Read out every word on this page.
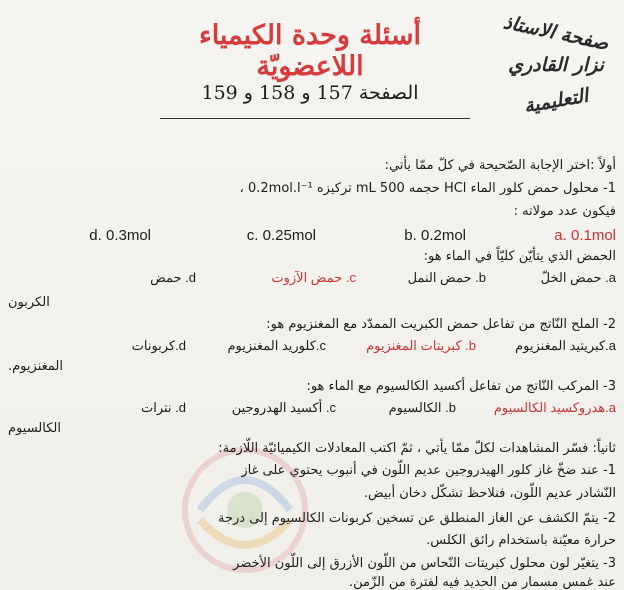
صفحة الاستاذ
نزار القادري
التعليمية
أسئلة وحدة الكيمياء اللاعضويّة
الصفحة 157 و 158 و 159
أولاً :اختر الإجابة الصّحيحة في كلّ ممّا يأتي:
1- محلول حمض كلور الماء HCl حجمه 500 mL تركيزه 0.2mol.l⁻¹ ،
فيكون عدد مولاته :
a. 0.1mol
b. 0.2mol
c. 0.25mol
d. 0.3mol
الحمض الذي يتأيّن كليّاً في الماء هو:
a. حمض الخلّ
b. حمض النمل
c. حمض الآزوت
d. حمض
الكربون
2- الملح النّاتج من تفاعل حمض الكبريت الممدّد مع المغنزيوم هو:
a.كبريتيد المغنزيوم
b. كبريتات المغنزيوم
c.كلوريد المغنزيوم
d.كربونات
المغنزيوم.
3- المركب النّاتج من تفاعل أكسيد الكالسيوم مع الماء هو:
a.هدروكسيد الكالسيوم
b. الكالسيوم
c. أكسيد الهدروجين
d. نترات
الكالسيوم
ثانياً: فسّر المشاهدات لكلّ ممّا يأتي ، ثمّ اكتب المعادلات الكيميائيّة اللّازمة:
1- عند ضخّ غاز كلور الهيدروجين عديم اللّون في أنبوب يحتوي على غاز
النّشادر عديم اللّون، فنلاحظ تشكّل دخان أبيض.
2- يتمّ الكشف عن الغاز المنطلق عن تسخين كربونات الكالسيوم إلى درجة
حرارة معيّنة باستخدام رائق الكلس.
3- يتغيّر لون محلول كبريتات النّحاس من اللّون الأزرق إلى اللّون الأخضر
عند غمس مسمار من الحديد فيه لفترة من الزّمن.
